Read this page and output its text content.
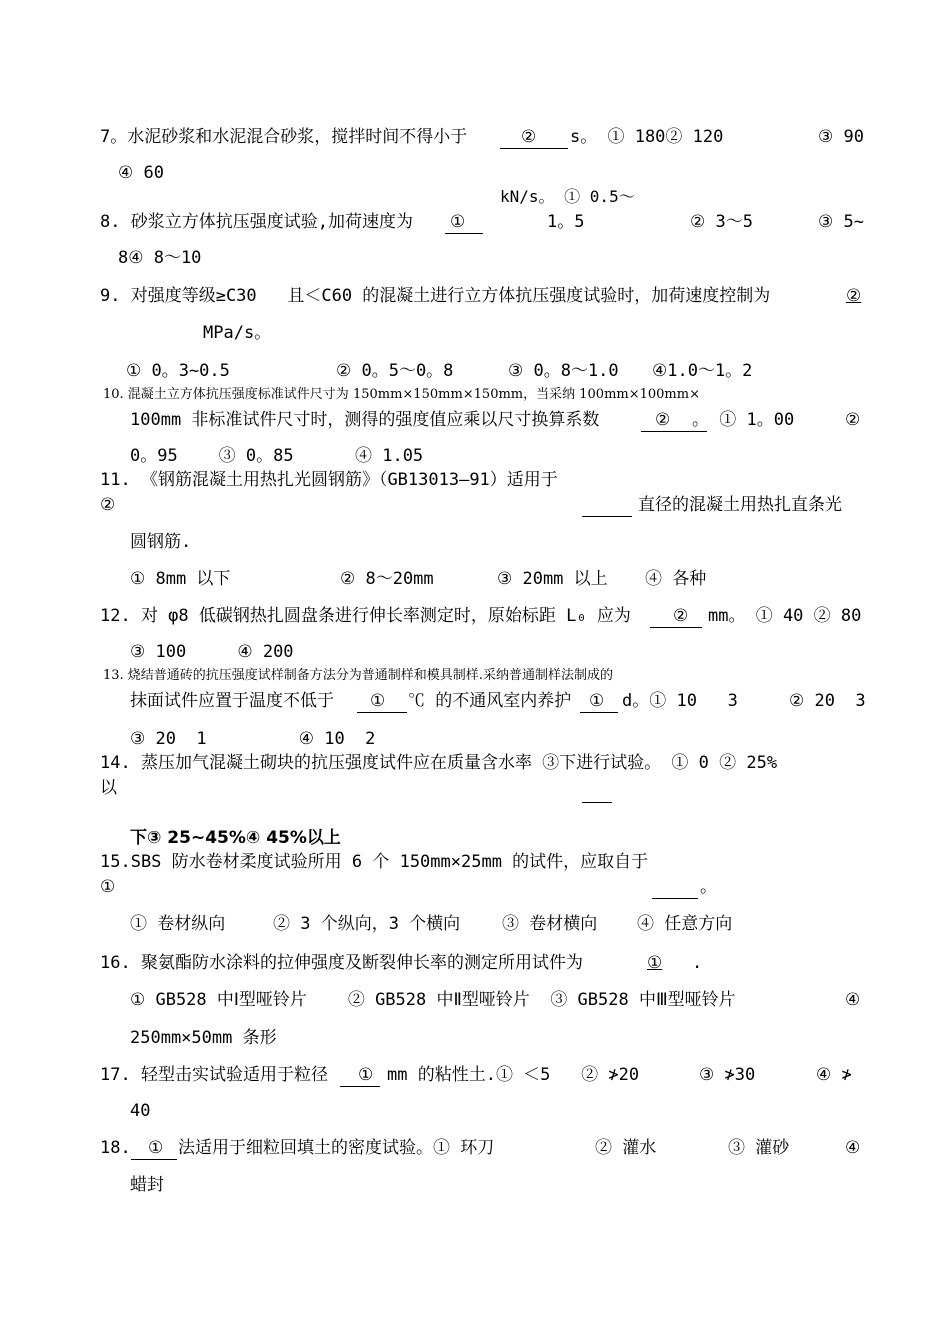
7。水泥砂浆和水泥混合砂浆，搅拌时间不得小于	② s。 ① 180② 120	③ 90
④ 60
kN/s。 ① 0.5～
8. 砂浆立方体抗压强度试验,加荷速度为 ①	1。5	② 3～5	③ 5~
8④ 8～10
9. 对强度等级≥C30   且＜C60 的混凝土进行立方体抗压强度试验时，加荷速度控制为	②
MPa/s。
① 0。3~0.5	② 0。5～0。8	③ 0。8～1.0 ④1.0～1。2
10. 混凝土立方体抗压强度标准试件尺寸为 150mm×150mm×150mm，当采纳 100mm×100mm×
100mm 非标准试件尺寸时，测得的强度值应乘以尺寸换算系数	② 。 ① 1。00	②
0。95    ③ 0。85      ④ 1.05
11. 《钢筋混凝土用热扎光圆钢筋》（GB13013—91）适用于
②	直径的混凝土用热扎直条光
圆钢筋.
① 8mm 以下	② 8～20mm	③ 20mm 以上 ④ 各种
12. 对 φ8 低碳钢热扎圆盘条进行伸长率测定时，原始标距 L₀ 应为 ② mm。 ① 40 ② 80
③ 100     ④ 200
13. 烧结普通砖的抗压强度试样制备方法分为普通制样和模具制样.采纳普通制样法制成的
抹面试件应置于温度不低于 ① ℃ 的不通风室内养护 ① d。① 10   3	② 20  3
③ 20  1         ④ 10  2
14. 蒸压加气混凝土砌块的抗压强度试件应在质量含水率 ③下进行试验。 ① 0 ② 25%
以
下③ 25~45%④ 45%以上
15.SBS 防水卷材柔度试验所用 6 个 150mm×25mm 的试件，应取自于
①	。
① 卷材纵向	② 3 个纵向，3 个横向 ③ 卷材横向 ④ 任意方向
16. 聚氨酯防水涂料的拉伸强度及断裂伸长率的测定所用试件为	① .
① GB528 中Ⅰ型哑铃片    ② GB528 中Ⅱ型哑铃片  ③ GB528 中Ⅲ型哑铃片	④
250mm×50mm 条形
17. 轻型击实试验适用于粒径 ① mm 的粘性土.① ＜5   ② ≯20	③ ≯30	④ ≯
40
18. ① 法适用于细粒回填土的密度试验。① 环刀	② 灌水	③ 灌砂	④
蜡封
